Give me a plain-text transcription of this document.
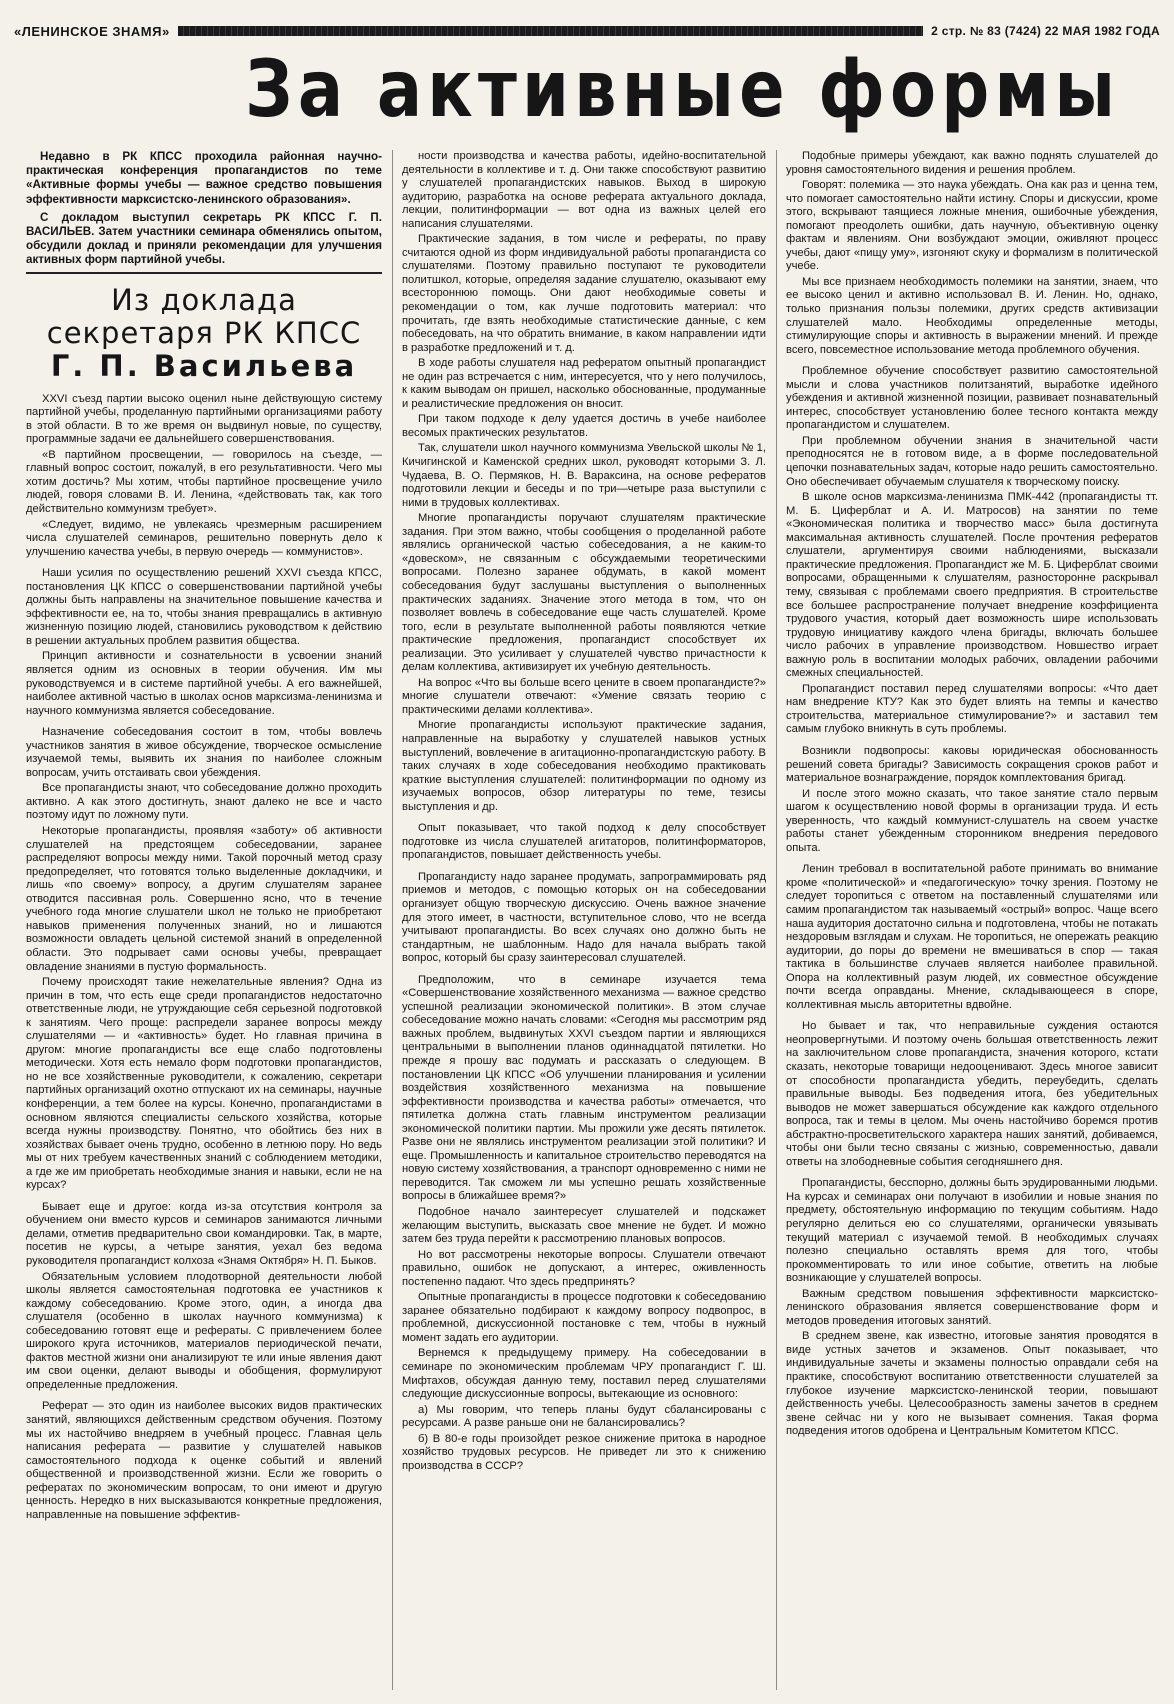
«ЛЕНИНСКОЕ ЗНАМЯ»	2 стр. № 83 (7424) 22 МАЯ 1982 ГОДА
За активные формы

Недавно в РК КПСС проходила районная научно-практическая конференция пропагандистов по теме «Активные формы учебы — важное средство повышения эффективности марксистско-ленинского образования».

С докладом выступил секретарь РК КПСС Г. П. ВАСИЛЬЕВ. Затем участники семинара обменялись опытом, обсудили доклад и приняли рекомендации для улучшения активных форм партийной учебы.

Из доклада
секретаря РК КПСС
Г. П. Васильева

XXVI съезд партии высоко оценил ныне действующую систему партийной учебы, проделанную партийными организациями работу в этой области. В то же время он выдвинул новые, по существу, программные задачи ее дальнейшего совершенствования.

«В партийном просвещении, — говорилось на съезде, — главный вопрос состоит, пожалуй, в его результативности. Чего мы хотим достичь? Мы хотим, чтобы партийное просвещение учило людей, говоря словами В. И. Ленина, «действовать так, как того действительно коммунизм требует».

«Следует, видимо, не увлекаясь чрезмерным расширением числа слушателей семинаров, решительно повернуть дело к улучшению качества учебы, в первую очередь — коммунистов».

Наши усилия по осуществлению решений XXVI съезда КПСС, постановления ЦК КПСС о совершенствовании партийной учебы должны быть направлены на значительное повышение качества и эффективности ее, на то, чтобы знания превращались в активную жизненную позицию людей, становились руководством к действию в решении актуальных проблем развития общества.

Принцип активности и сознательности в усвоении знаний является одним из основных в теории обучения. Им мы руководствуемся и в системе партийной учебы. А его важнейшей, наиболее активной частью в школах основ марксизма-ленинизма и научного коммунизма является собеседование.

Назначение собеседования состоит в том, чтобы вовлечь участников занятия в живое обсуждение, творческое осмысление изучаемой темы, выявить их знания по наиболее сложным вопросам, учить отстаивать свои убеждения.

Все пропагандисты знают, что собеседование должно проходить активно. А как этого достигнуть, знают далеко не все и часто поэтому идут по ложному пути.

Некоторые пропагандисты, проявляя «заботу» об активности слушателей на предстоящем собеседовании, заранее распределяют вопросы между ними. Такой порочный метод сразу предопределяет, что готовятся только выделенные докладчики, и лишь «по своему» вопросу, а другим слушателям заранее отводится пассивная роль. Совершенно ясно, что в течение учебного года многие слушатели школ не только не приобретают навыков применения полученных знаний, но и лишаются возможности овладеть цельной системой знаний в определенной области. Это подрывает сами основы учебы, превращает овладение знаниями в пустую формальность.

Почему происходят такие нежелательные явления? Одна из причин в том, что есть еще среди пропагандистов недостаточно ответственные люди, не утруждающие себя серьезной подготовкой к занятиям. Чего проще: распредели заранее вопросы между слушателями — и «активность» будет. Но главная причина в другом: многие пропагандисты все еще слабо подготовлены методически. Хотя есть немало форм подготовки пропагандистов, но не все хозяйственные руководители, к сожалению, секретари партийных организаций охотно отпускают их на семинары, научные конференции, а тем более на курсы. Конечно, пропагандистами в основном являются специалисты сельского хозяйства, которые всегда нужны производству. Понятно, что обойтись без них в хозяйствах бывает очень трудно, особенно в летнюю пору. Но ведь мы от них требуем качественных знаний с соблюдением методики, а где же им приобретать необходимые знания и навыки, если не на курсах?

Бывает еще и другое: когда из-за отсутствия контроля за обучением они вместо курсов и семинаров занимаются личными делами, отметив предварительно свои командировки. Так, в марте, посетив не курсы, а четыре занятия, уехал без ведома руководителя пропагандист колхоза «Знамя Октября» Н. П. Быков.

Обязательным условием плодотворной деятельности любой школы является самостоятельная подготовка ее участников к каждому собеседованию. Кроме этого, один, а иногда два слушателя (особенно в школах научного коммунизма) к собеседованию готовят еще и рефераты. С привлечением более широкого круга источников, материалов периодической печати, фактов местной жизни они анализируют те или иные явления дают им свои оценки, делают выводы и обобщения, формулируют определенные предложения.

Реферат — это один из наиболее высоких видов практических занятий, являющихся действенным средством обучения. Поэтому мы их настойчиво внедряем в учебный процесс. Главная цель написания реферата — развитие у слушателей навыков самостоятельного подхода к оценке событий и явлений общественной и производственной жизни. Если же говорить о рефератах по экономическим вопросам, то они имеют и другую ценность. Нередко в них высказываются конкретные предложения, направленные на повышение эффектив-

ности производства и качества работы, идейно-воспитательной деятельности в коллективе и т. д. Они также способствуют развитию у слушателей пропагандистских навыков. Выход в широкую аудиторию, разработка на основе реферата актуального доклада, лекции, политинформации — вот одна из важных целей его написания слушателями.

Практические задания, в том числе и рефераты, по праву считаются одной из форм индивидуальной работы пропагандиста со слушателями. Поэтому правильно поступают те руководители политшкол, которые, определяя задание слушателю, оказывают ему всестороннюю помощь. Они дают необходимые советы и рекомендации о том, как лучше подготовить материал: что прочитать, где взять необходимые статистические данные, с кем побеседовать, на что обратить внимание, в каком направлении идти в разработке предложений и т. д.

В ходе работы слушателя над рефератом опытный пропагандист не один раз встречается с ним, интересуется, что у него получилось, к каким выводам он пришел, насколько обоснованные, продуманные и реалистические предложения он вносит.

При таком подходе к делу удается достичь в учебе наиболее весомых практических результатов.

Так, слушатели школ научного коммунизма Увельской школы № 1, Кичигинской и Каменской средних школ, руководят которыми З. Л. Чудаева, В. О. Пермяков, Н. В. Вараксина, на основе рефератов подготовили лекции и беседы и по три—четыре раза выступили с ними в трудовых коллективах.

Многие пропагандисты поручают слушателям практические задания. При этом важно, чтобы сообщения о проделанной работе являлись органической частью собеседования, а не каким-то «довеском», не связанным с обсуждаемыми теоретическими вопросами. Полезно заранее обдумать, в какой момент собеседования будут заслушаны выступления о выполненных практических заданиях. Значение этого метода в том, что он позволяет вовлечь в собеседование еще часть слушателей. Кроме того, если в результате выполненной работы появляются четкие практические предложения, пропагандист способствует их реализации. Это усиливает у слушателей чувство причастности к делам коллектива, активизирует их учебную деятельность.

На вопрос «Что вы больше всего цените в своем пропагандисте?» многие слушатели отвечают: «Умение связать теорию с практическими делами коллектива».

Многие пропагандисты используют практические задания, направленные на выработку у слушателей навыков устных выступлений, вовлечение в агитационно-пропагандистскую работу. В таких случаях в ходе собеседования необходимо практиковать краткие выступления слушателей: политинформации по одному из изучаемых вопросов, обзор литературы по теме, тезисы выступления и др.

Опыт показывает, что такой подход к делу способствует подготовке из числа слушателей агитаторов, политинформаторов, пропагандистов, повышает действенность учебы.

Пропагандисту надо заранее продумать, запрограммировать ряд приемов и методов, с помощью которых он на собеседовании организует общую творческую дискуссию. Очень важное значение для этого имеет, в частности, вступительное слово, что не всегда учитывают пропагандисты. Во всех случаях оно должно быть не стандартным, не шаблонным. Надо для начала выбрать такой вопрос, который бы сразу заинтересовал слушателей.

Предположим, что в семинаре изучается тема «Совершенствование хозяйственного механизма — важное средство успешной реализации экономической политики». В этом случае собеседование можно начать словами: «Сегодня мы рассмотрим ряд важных проблем, выдвинутых XXVI съездом партии и являющихся центральными в выполнении планов одиннадцатой пятилетки. Но прежде я прошу вас подумать и рассказать о следующем. В постановлении ЦК КПСС «Об улучшении планирования и усилении воздействия хозяйственного механизма на повышение эффективности производства и качества работы» отмечается, что пятилетка должна стать главным инструментом реализации экономической политики партии. Мы прожили уже десять пятилеток. Разве они не являлись инструментом реализации этой политики? И еще. Промышленность и капитальное строительство переводятся на новую систему хозяйствования, а транспорт одновременно с ними не переводится. Так сможем ли мы успешно решать хозяйственные вопросы в ближайшее время?»

Подобное начало заинтересует слушателей и подскажет желающим выступить, высказать свое мнение не будет. И можно затем без труда перейти к рассмотрению плановых вопросов.

Но вот рассмотрены некоторые вопросы. Слушатели отвечают правильно, ошибок не допускают, а интерес, оживленность постепенно падают. Что здесь предпринять?

Опытные пропагандисты в процессе подготовки к собеседованию заранее обязательно подбирают к каждому вопросу подвопрос, в проблемной, дискуссионной постановке с тем, чтобы в нужный момент задать его аудитории.

Вернемся к предыдущему примеру. На собеседовании в семинаре по экономическим проблемам ЧРУ пропагандист Г. Ш. Мифтахов, обсуждая данную тему, поставил перед слушателями следующие дискуссионные вопросы, вытекающие из основного:

а) Мы говорим, что теперь планы будут сбалансированы с ресурсами. А разве раньше они не балансировались?

б) В 80-е годы произойдет резкое снижение притока в народное хозяйство трудовых ресурсов. Не приведет ли это к снижению производства в СССР?

Подобные примеры убеждают, как важно поднять слушателей до уровня самостоятельного видения и решения проблем.

Говорят: полемика — это наука убеждать. Она как раз и ценна тем, что помогает самостоятельно найти истину. Споры и дискуссии, кроме этого, вскрывают таящиеся ложные мнения, ошибочные убеждения, помогают преодолеть ошибки, дать научную, объективную оценку фактам и явлениям. Они возбуждают эмоции, оживляют процесс учебы, дают «пищу уму», изгоняют скуку и формализм в политической учебе.

Мы все признаем необходимость полемики на занятии, знаем, что ее высоко ценил и активно использовал В. И. Ленин. Но, однако, только признания пользы полемики, других средств активизации слушателей мало. Необходимы определенные методы, стимулирующие споры и активность в выражении мнений. И прежде всего, повсеместное использование метода проблемного обучения.

Проблемное обучение способствует развитию самостоятельной мысли и слова участников политзанятий, выработке идейного убеждения и активной жизненной позиции, развивает познавательный интерес, способствует установлению более тесного контакта между пропагандистом и слушателем.

При проблемном обучении знания в значительной части преподносятся не в готовом виде, а в форме последовательной цепочки познавательных задач, которые надо решить самостоятельно. Оно обеспечивает обучаемым слушателя к творческому поиску.

В школе основ марксизма-ленинизма ПМК-442 (пропагандисты тт. М. Б. Циферблат и А. И. Матросов) на занятии по теме «Экономическая политика и творчество масс» была достигнута максимальная активность слушателей. После прочтения рефератов слушатели, аргументируя своими наблюдениями, высказали практические предложения. Пропагандист же М. Б. Циферблат своими вопросами, обращенными к слушателям, разносторонне раскрывал тему, связывая с проблемами своего предприятия. В строительстве все большее распространение получает внедрение коэффициента трудового участия, который дает возможность шире использовать трудовую инициативу каждого члена бригады, включать большее число рабочих в управление производством. Новшество играет важную роль в воспитании молодых рабочих, овладении рабочими смежных специальностей.

Пропагандист поставил перед слушателями вопросы: «Что дает нам внедрение КТУ? Как это будет влиять на темпы и качество строительства, материальное стимулирование?» и заставил тем самым глубоко вникнуть в суть проблемы.

Возникли подвопросы: каковы юридическая обоснованность решений совета бригады? Зависимость сокращения сроков работ и материальное вознаграждение, порядок комплектования бригад.

И после этого можно сказать, что такое занятие стало первым шагом к осуществлению новой формы в организации труда. И есть уверенность, что каждый коммунист-слушатель на своем участке работы станет убежденным сторонником внедрения передового опыта.

Ленин требовал в воспитательной работе принимать во внимание кроме «политической» и «педагогическую» точку зрения. Поэтому не следует торопиться с ответом на поставленный слушателями или самим пропагандистом так называемый «острый» вопрос. Чаще всего наша аудитория достаточно сильна и подготовлена, чтобы не потакать нездоровым взглядам и слухам. Не торопиться, не опережать реакцию аудитории, до поры до времени не вмешиваться в спор — такая тактика в большинстве случаев является наиболее правильной. Опора на коллективный разум людей, их совместное обсуждение почти всегда оправданы. Мнение, складывающееся в споре, коллективная мысль авторитетны вдвойне.

Но бывает и так, что неправильные суждения остаются неопровергнутыми. И поэтому очень большая ответственность лежит на заключительном слове пропагандиста, значения которого, кстати сказать, некоторые товарищи недооценивают. Здесь многое зависит от способности пропагандиста убедить, переубедить, сделать правильные выводы. Без подведения итога, без убедительных выводов не может завершаться обсуждение как каждого отдельного вопроса, так и темы в целом. Мы очень настойчиво боремся против абстрактно-просветительского характера наших занятий, добиваемся, чтобы они были тесно связаны с жизнью, современностью, давали ответы на злободневные события сегодняшнего дня.

Пропагандисты, бесспорно, должны быть эрудированными людьми. На курсах и семинарах они получают в изобилии и новые знания по предмету, обстоятельную информацию по текущим событиям. Надо регулярно делиться ею со слушателями, органически увязывать текущий материал с изучаемой темой. В необходимых случаях полезно специально оставлять время для того, чтобы прокомментировать то или иное событие, ответить на любые возникающие у слушателей вопросы.

Важным средством повышения эффективности марксистско-ленинского образования является совершенствование форм и методов проведения итоговых занятий.

В среднем звене, как известно, итоговые занятия проводятся в виде устных зачетов и экзаменов. Опыт показывает, что индивидуальные зачеты и экзамены полностью оправдали себя на практике, способствуют воспитанию ответственности слушателей за глубокое изучение марксистско-ленинской теории, повышают действенность учебы. Целесообразность замены зачетов в среднем звене сейчас ни у кого не вызывает сомнения. Такая форма подведения итогов одобрена и Центральным Комитетом КПСС.
